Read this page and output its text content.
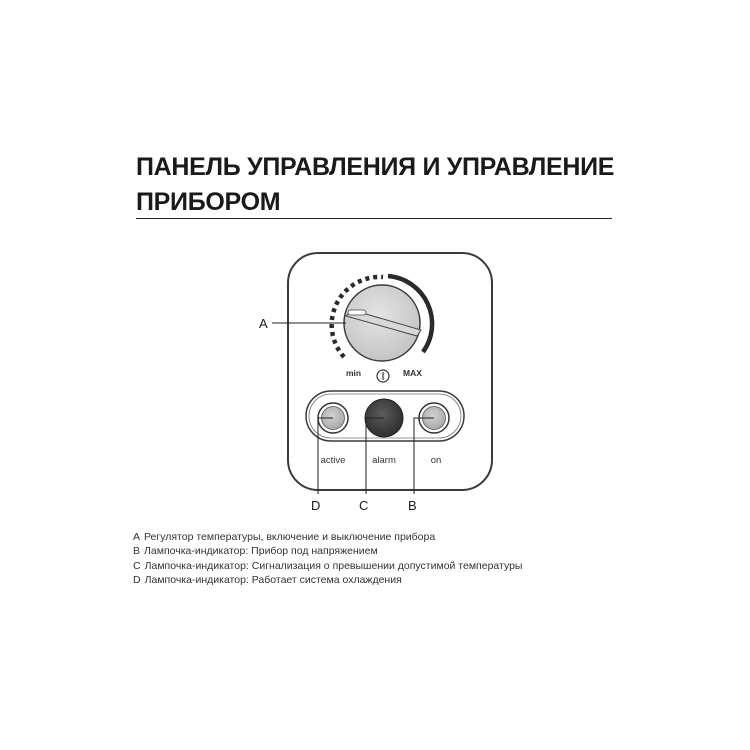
ПАНЕЛЬ УПРАВЛЕНИЯ И УПРАВЛЕНИЕ
ПРИБОРОМ
min	MAX
active	alarm	on
A
D	C	B
A Регулятор температуры, включение и выключение прибора
B Лампочка-индикатор: Прибор под напряжением
C Лампочка-индикатор: Сигнализация о превышении допустимой температуры
D Лампочка-индикатор: Работает система охлаждения
